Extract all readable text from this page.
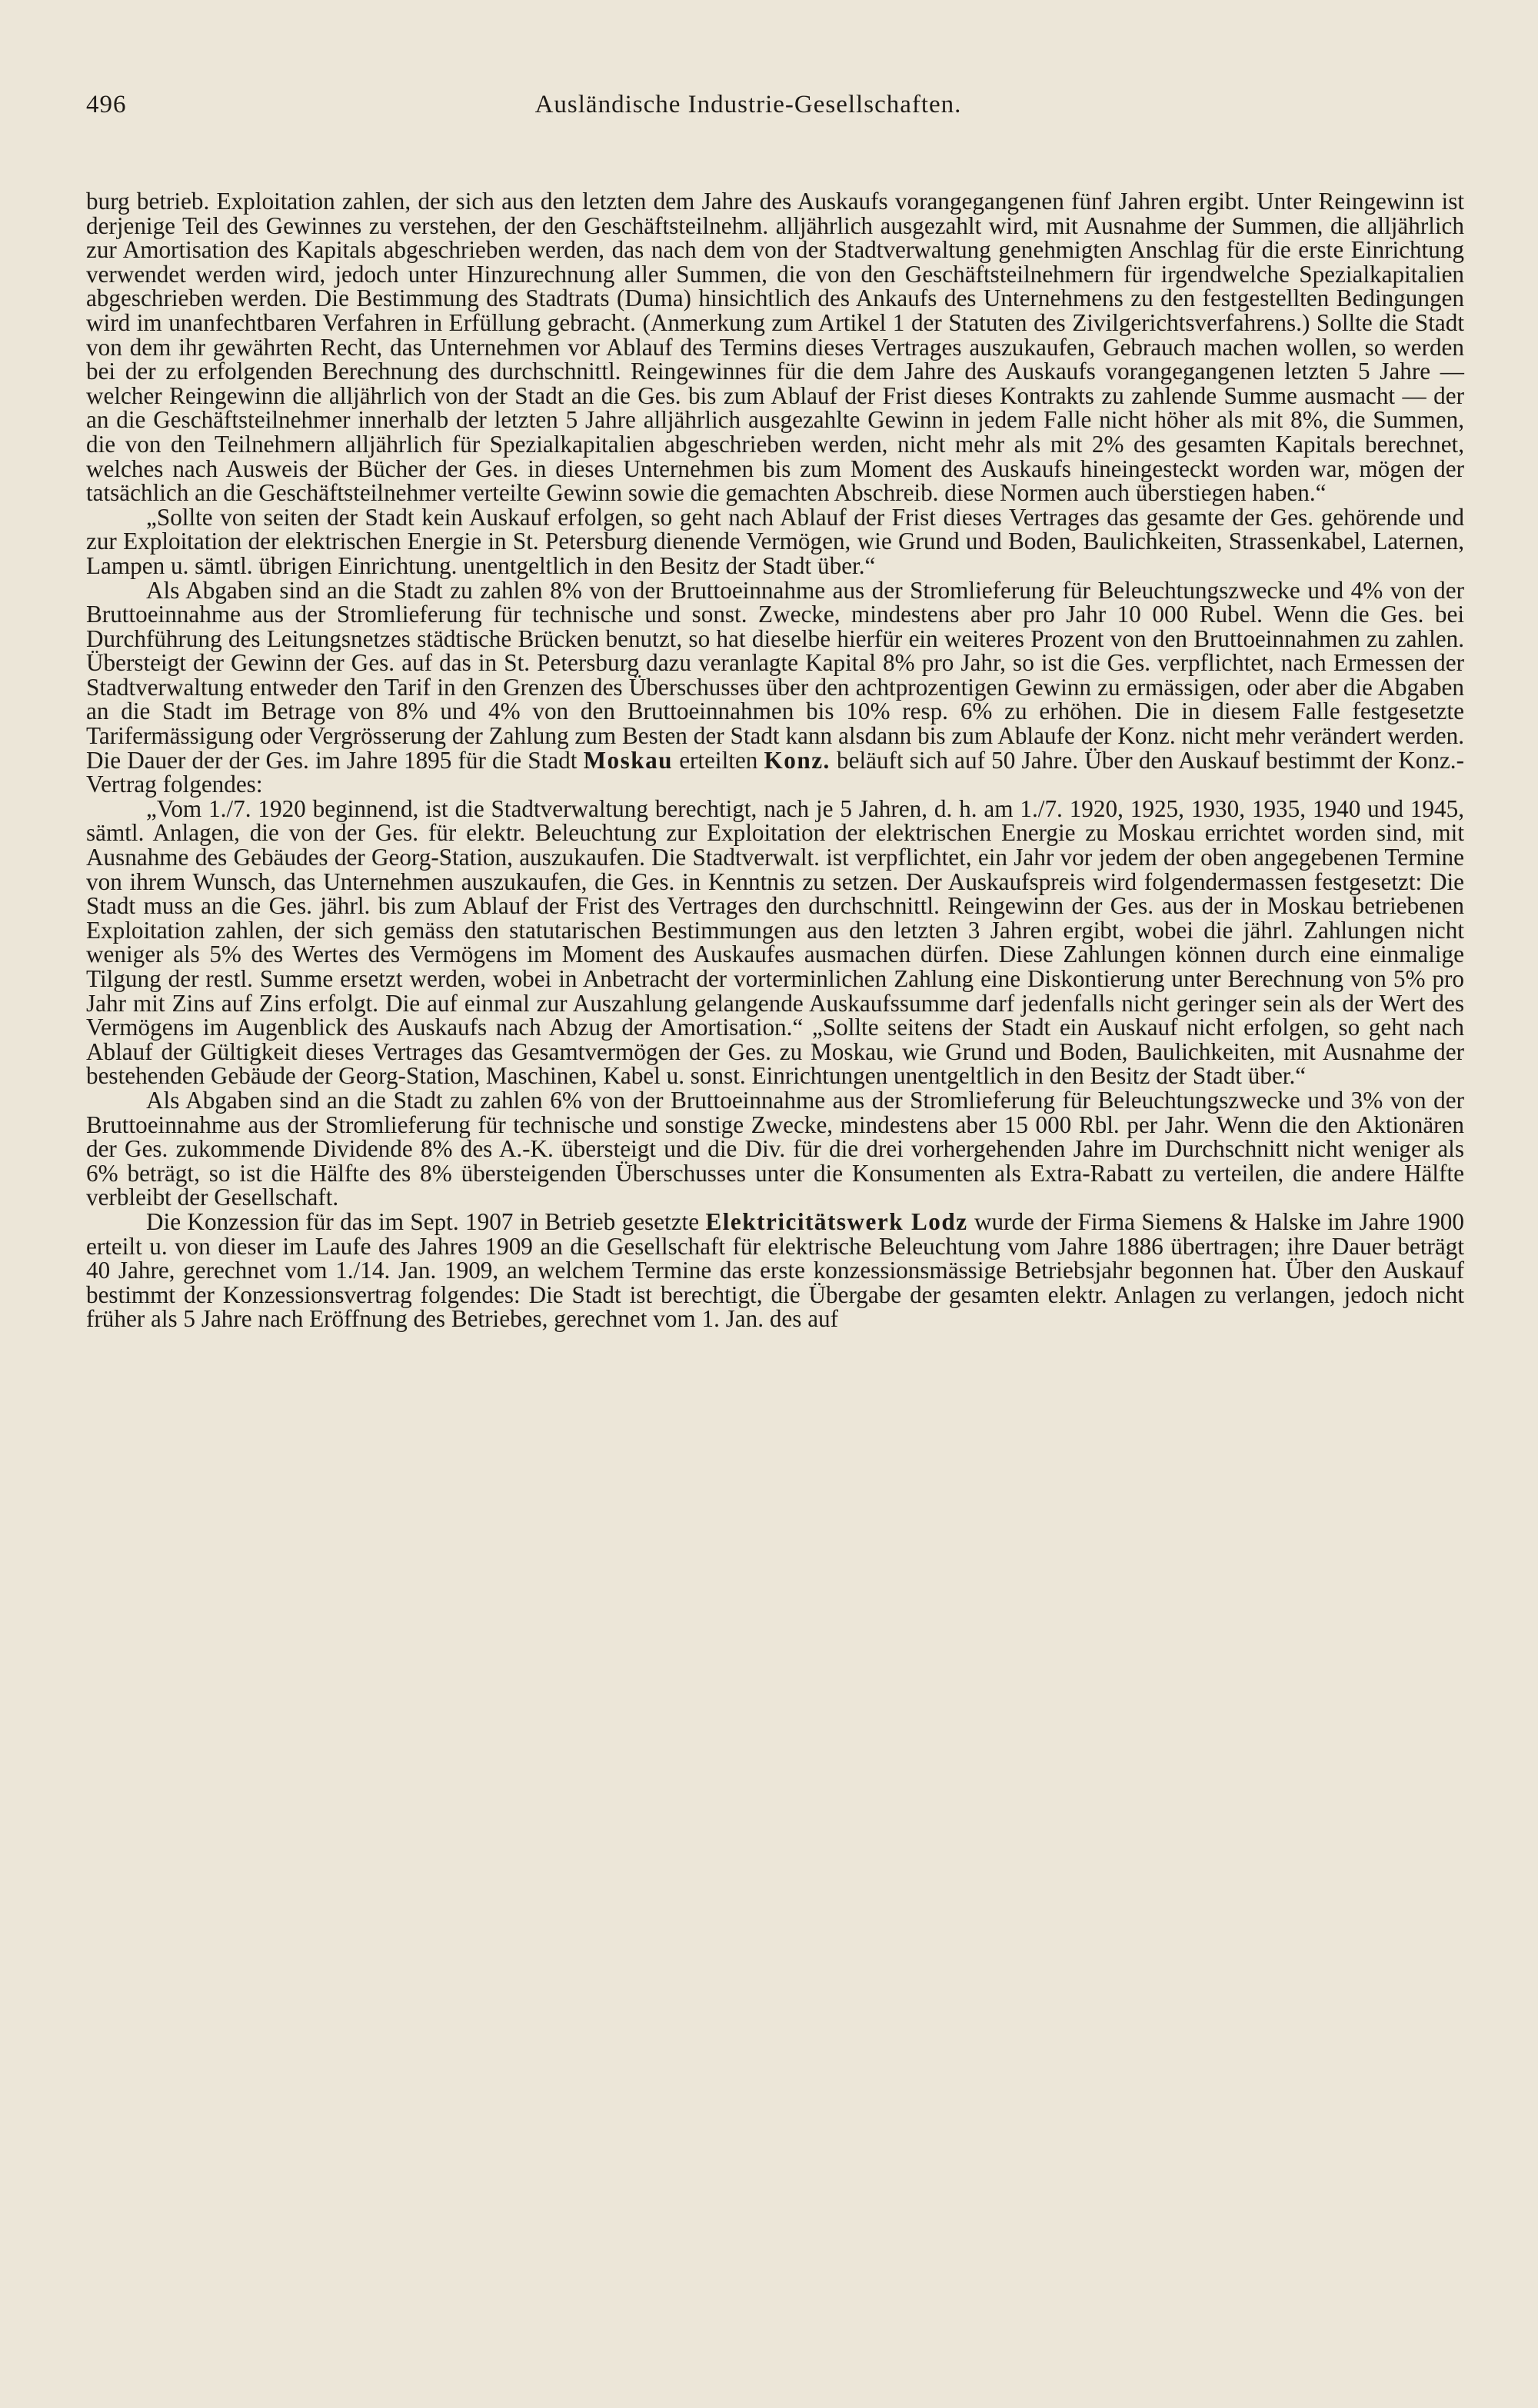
496	Ausländische Industrie-Gesellschaften.

burg betrieb. Exploitation zahlen, der sich aus den letzten dem Jahre des Auskaufs vorangegangenen fünf Jahren ergibt. Unter Reingewinn ist derjenige Teil des Gewinnes zu verstehen, der den Geschäftsteilnehm. alljährlich ausgezahlt wird, mit Ausnahme der Summen, die alljährlich zur Amortisation des Kapitals abgeschrieben werden, das nach dem von der Stadtverwaltung genehmigten Anschlag für die erste Einrichtung verwendet werden wird, jedoch unter Hinzurechnung aller Summen, die von den Geschäftsteilnehmern für irgendwelche Spezialkapitalien abgeschrieben werden. Die Bestimmung des Stadtrats (Duma) hinsichtlich des Ankaufs des Unternehmens zu den festgestellten Bedingungen wird im unanfechtbaren Verfahren in Erfüllung gebracht. (Anmerkung zum Artikel 1 der Statuten des Zivilgerichtsverfahrens.) Sollte die Stadt von dem ihr gewährten Recht, das Unternehmen vor Ablauf des Termins dieses Vertrages auszukaufen, Gebrauch machen wollen, so werden bei der zu erfolgenden Berechnung des durchschnittl. Reingewinnes für die dem Jahre des Auskaufs vorangegangenen letzten 5 Jahre — welcher Reingewinn die alljährlich von der Stadt an die Ges. bis zum Ablauf der Frist dieses Kontrakts zu zahlende Summe ausmacht — der an die Geschäftsteilnehmer innerhalb der letzten 5 Jahre alljährlich ausgezahlte Gewinn in jedem Falle nicht höher als mit 8%, die Summen, die von den Teilnehmern alljährlich für Spezialkapitalien abgeschrieben werden, nicht mehr als mit 2% des gesamten Kapitals berechnet, welches nach Ausweis der Bücher der Ges. in dieses Unternehmen bis zum Moment des Auskaufs hineingesteckt worden war, mögen der tatsächlich an die Geschäftsteilnehmer verteilte Gewinn sowie die gemachten Abschreib. diese Normen auch überstiegen haben.“

„Sollte von seiten der Stadt kein Auskauf erfolgen, so geht nach Ablauf der Frist dieses Vertrages das gesamte der Ges. gehörende und zur Exploitation der elektrischen Energie in St. Petersburg dienende Vermögen, wie Grund und Boden, Baulichkeiten, Strassenkabel, Laternen, Lampen u. sämtl. übrigen Einrichtung. unentgeltlich in den Besitz der Stadt über.“

Als Abgaben sind an die Stadt zu zahlen 8% von der Bruttoeinnahme aus der Stromlieferung für Beleuchtungszwecke und 4% von der Bruttoeinnahme aus der Stromlieferung für technische und sonst. Zwecke, mindestens aber pro Jahr 10 000 Rubel. Wenn die Ges. bei Durchführung des Leitungsnetzes städtische Brücken benutzt, so hat dieselbe hierfür ein weiteres Prozent von den Bruttoeinnahmen zu zahlen. Übersteigt der Gewinn der Ges. auf das in St. Petersburg dazu veranlagte Kapital 8% pro Jahr, so ist die Ges. verpflichtet, nach Ermessen der Stadtverwaltung entweder den Tarif in den Grenzen des Überschusses über den achtprozentigen Gewinn zu ermässigen, oder aber die Abgaben an die Stadt im Betrage von 8% und 4% von den Bruttoeinnahmen bis 10% resp. 6% zu erhöhen. Die in diesem Falle festgesetzte Tarifermässigung oder Vergrösserung der Zahlung zum Besten der Stadt kann alsdann bis zum Ablaufe der Konz. nicht mehr verändert werden. Die Dauer der der Ges. im Jahre 1895 für die Stadt Moskau erteilten Konz. beläuft sich auf 50 Jahre. Über den Auskauf bestimmt der Konz.-Vertrag folgendes:

„Vom 1./7. 1920 beginnend, ist die Stadtverwaltung berechtigt, nach je 5 Jahren, d. h. am 1./7. 1920, 1925, 1930, 1935, 1940 und 1945, sämtl. Anlagen, die von der Ges. für elektr. Beleuchtung zur Exploitation der elektrischen Energie zu Moskau errichtet worden sind, mit Ausnahme des Gebäudes der Georg-Station, auszukaufen. Die Stadtverwalt. ist verpflichtet, ein Jahr vor jedem der oben angegebenen Termine von ihrem Wunsch, das Unternehmen auszukaufen, die Ges. in Kenntnis zu setzen. Der Auskaufspreis wird folgendermassen festgesetzt: Die Stadt muss an die Ges. jährl. bis zum Ablauf der Frist des Vertrages den durchschnittl. Reingewinn der Ges. aus der in Moskau betriebenen Exploitation zahlen, der sich gemäss den statutarischen Bestimmungen aus den letzten 3 Jahren ergibt, wobei die jährl. Zahlungen nicht weniger als 5% des Wertes des Vermögens im Moment des Auskaufes ausmachen dürfen. Diese Zahlungen können durch eine einmalige Tilgung der restl. Summe ersetzt werden, wobei in Anbetracht der vorterminlichen Zahlung eine Diskontierung unter Berechnung von 5% pro Jahr mit Zins auf Zins erfolgt. Die auf einmal zur Auszahlung gelangende Auskaufssumme darf jedenfalls nicht geringer sein als der Wert des Vermögens im Augenblick des Auskaufs nach Abzug der Amortisation.“ „Sollte seitens der Stadt ein Auskauf nicht erfolgen, so geht nach Ablauf der Gültigkeit dieses Vertrages das Gesamtvermögen der Ges. zu Moskau, wie Grund und Boden, Baulichkeiten, mit Ausnahme der bestehenden Gebäude der Georg-Station, Maschinen, Kabel u. sonst. Einrichtungen unentgeltlich in den Besitz der Stadt über.“

Als Abgaben sind an die Stadt zu zahlen 6% von der Bruttoeinnahme aus der Stromlieferung für Beleuchtungszwecke und 3% von der Bruttoeinnahme aus der Stromlieferung für technische und sonstige Zwecke, mindestens aber 15 000 Rbl. per Jahr. Wenn die den Aktionären der Ges. zukommende Dividende 8% des A.-K. übersteigt und die Div. für die drei vorhergehenden Jahre im Durchschnitt nicht weniger als 6% beträgt, so ist die Hälfte des 8% übersteigenden Überschusses unter die Konsumenten als Extra-Rabatt zu verteilen, die andere Hälfte verbleibt der Gesellschaft.

Die Konzession für das im Sept. 1907 in Betrieb gesetzte Elektricitätswerk Lodz wurde der Firma Siemens & Halske im Jahre 1900 erteilt u. von dieser im Laufe des Jahres 1909 an die Gesellschaft für elektrische Beleuchtung vom Jahre 1886 übertragen; ihre Dauer beträgt 40 Jahre, gerechnet vom 1./14. Jan. 1909, an welchem Termine das erste konzessionsmässige Betriebsjahr begonnen hat. Über den Auskauf bestimmt der Konzessionsvertrag folgendes: Die Stadt ist berechtigt, die Übergabe der gesamten elektr. Anlagen zu verlangen, jedoch nicht früher als 5 Jahre nach Eröffnung des Betriebes, gerechnet vom 1. Jan. des auf
